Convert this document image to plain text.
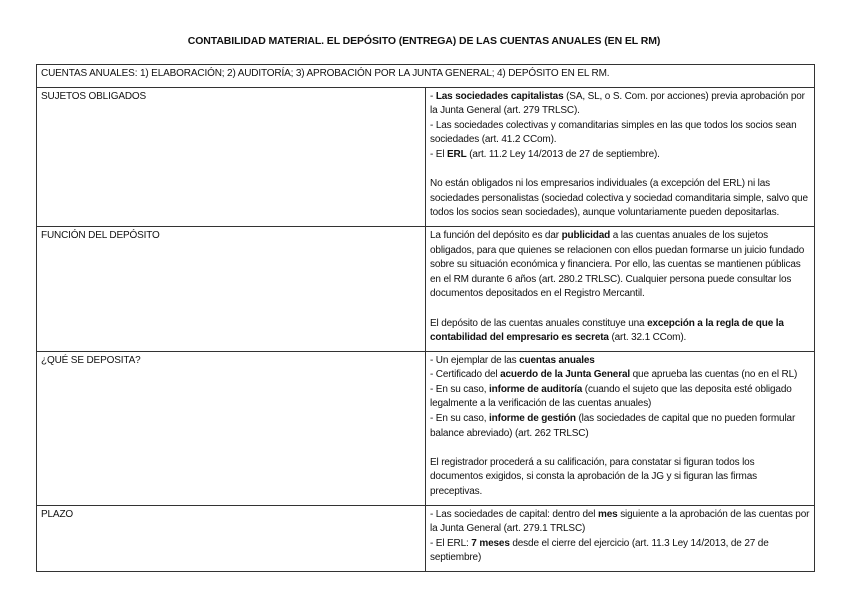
CONTABILIDAD MATERIAL. EL DEPÓSITO (ENTREGA) DE LAS CUENTAS ANUALES (EN EL RM)
CUENTAS ANUALES: 1) ELABORACIÓN; 2) AUDITORÍA; 3) APROBACIÓN POR LA JUNTA GENERAL; 4) DEPÓSITO EN EL RM.	
SUJETOS OBLIGADOS	- Las sociedades capitalistas (SA, SL, o S. Com. por acciones) previa aprobación por la Junta General (art. 279 TRLSC).
- Las sociedades colectivas y comanditarias simples en las que todos los socios sean sociedades (art. 41.2 CCom).
- El ERL (art. 11.2 Ley 14/2013 de 27 de septiembre).

No están obligados ni los empresarios individuales (a excepción del ERL) ni las sociedades personalistas (sociedad colectiva y sociedad comanditaria simple, salvo que todos los socios sean sociedades), aunque voluntariamente pueden depositarlas.

FUNCIÓN DEL DEPÓSITO	La función del depósito es dar publicidad a las cuentas anuales de los sujetos obligados, para que quienes se relacionen con ellos puedan formarse un juicio fundado sobre su situación económica y financiera. Por ello, las cuentas se mantienen públicas en el RM durante 6 años (art. 280.2 TRLSC). Cualquier persona puede consultar los documentos depositados en el Registro Mercantil.

El depósito de las cuentas anuales constituye una excepción a la regla de que la contabilidad del empresario es secreta (art. 32.1 CCom).

¿QUÉ SE DEPOSITA?	- Un ejemplar de las cuentas anuales
- Certificado del acuerdo de la Junta General que aprueba las cuentas (no en el RL)
- En su caso, informe de auditoría (cuando el sujeto que las deposita esté obligado legalmente a la verificación de las cuentas anuales)
- En su caso, informe de gestión (las sociedades de capital que no pueden formular balance abreviado) (art. 262 TRLSC)

El registrador procederá a su calificación, para constatar si figuran todos los documentos exigidos, si consta la aprobación de la JG y si figuran las firmas preceptivas.

PLAZO	- Las sociedades de capital: dentro del mes siguiente a la aprobación de las cuentas por la Junta General (art. 279.1 TRLSC)
- El ERL: 7 meses desde el cierre del ejercicio (art. 11.3 Ley 14/2013, de 27 de septiembre)
